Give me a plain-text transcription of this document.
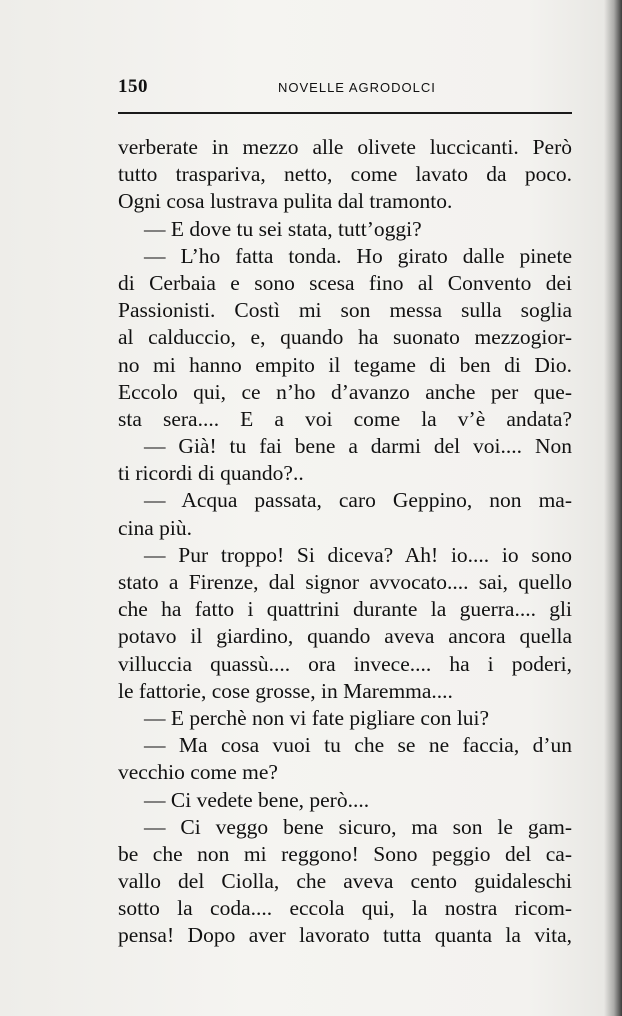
150	NOVELLE AGRODOLCI
verberate in mezzo alle olivete luccicanti. Però
tutto traspariva, netto, come lavato da poco.
Ogni cosa lustrava pulita dal tramonto.
— E dove tu sei stata, tutt’oggi?
— L’ho fatta tonda. Ho girato dalle pinete
di Cerbaia e sono scesa fino al Convento dei
Passionisti. Costì mi son messa sulla soglia
al calduccio, e, quando ha suonato mezzogior-
no mi hanno empito il tegame di ben di Dio.
Eccolo qui, ce n’ho d’avanzo anche per que-
sta sera.... E a voi come la v’è andata?
— Già! tu fai bene a darmi del voi.... Non
ti ricordi di quando?..
— Acqua passata, caro Geppino, non ma-
cina più.
— Pur troppo! Si diceva? Ah! io.... io sono
stato a Firenze, dal signor avvocato.... sai, quello
che ha fatto i quattrini durante la guerra.... gli
potavo il giardino, quando aveva ancora quella
villuccia quassù.... ora invece.... ha i poderi,
le fattorie, cose grosse, in Maremma....
— E perchè non vi fate pigliare con lui?
— Ma cosa vuoi tu che se ne faccia, d’un
vecchio come me?
— Ci vedete bene, però....
— Ci veggo bene sicuro, ma son le gam-
be che non mi reggono! Sono peggio del ca-
vallo del Ciolla, che aveva cento guidaleschi
sotto la coda.... eccola qui, la nostra ricom-
pensa! Dopo aver lavorato tutta quanta la vita,
